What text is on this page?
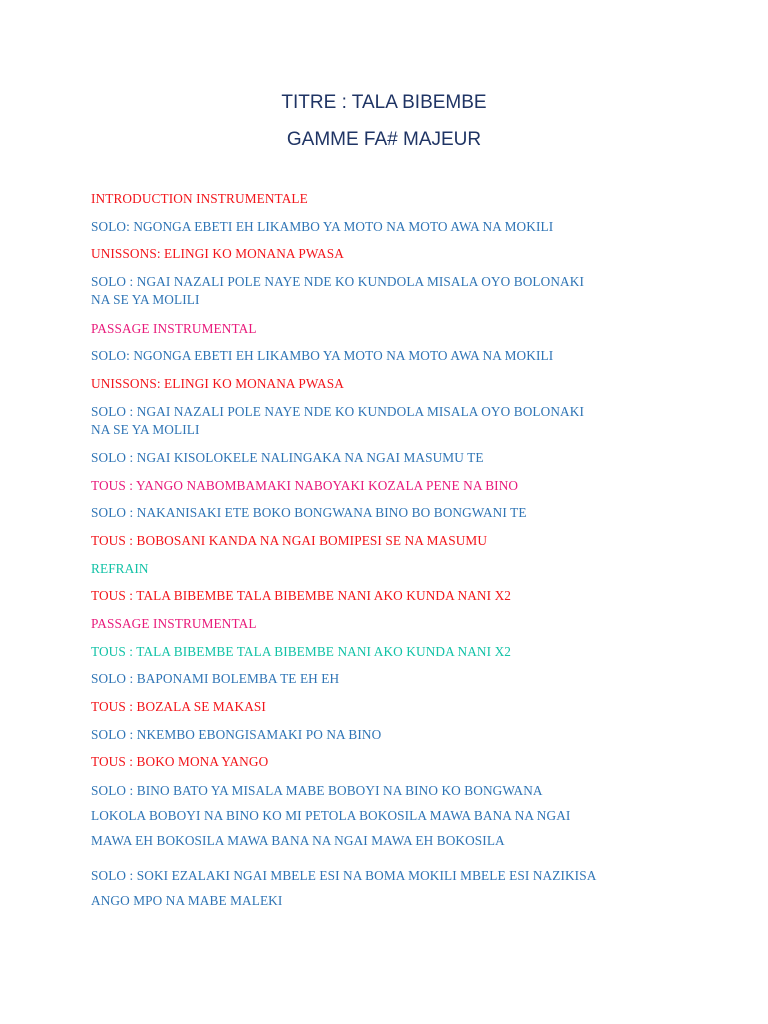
TITRE : TALA BIBEMBE
GAMME FA# MAJEUR

INTRODUCTION INSTRUMENTALE

SOLO: NGONGA EBETI EH LIKAMBO YA MOTO NA MOTO AWA NA MOKILI

UNISSONS: ELINGI KO MONANA PWASA

SOLO : NGAI NAZALI POLE NAYE NDE KO KUNDOLA MISALA OYO BOLONAKI

NA SE YA MOLILI

PASSAGE INSTRUMENTAL

SOLO: NGONGA EBETI EH LIKAMBO YA MOTO NA MOTO AWA NA MOKILI

UNISSONS: ELINGI KO MONANA PWASA

SOLO : NGAI NAZALI POLE NAYE NDE KO KUNDOLA MISALA OYO BOLONAKI

NA SE YA MOLILI

SOLO : NGAI KISOLOKELE NALINGAKA NA NGAI MASUMU TE

TOUS : YANGO NABOMBAMAKI NABOYAKI KOZALA PENE NA BINO

SOLO : NAKANISAKI ETE BOKO BONGWANA BINO BO BONGWANI TE

TOUS : BOBOSANI KANDA NA NGAI BOMIPESI SE NA MASUMU

REFRAIN

TOUS : TALA BIBEMBE TALA BIBEMBE NANI AKO KUNDA NANI X2

PASSAGE INSTRUMENTAL

TOUS : TALA BIBEMBE TALA BIBEMBE NANI AKO KUNDA NANI X2

SOLO : BAPONAMI BOLEMBA TE EH EH

TOUS : BOZALA SE MAKASI

SOLO : NKEMBO EBONGISAMAKI PO NA BINO

TOUS : BOKO MONA YANGO

SOLO : BINO BATO YA MISALA MABE BOBOYI NA BINO KO BONGWANA

LOKOLA BOBOYI NA BINO KO MI PETOLA BOKOSILA MAWA BANA NA NGAI

MAWA EH BOKOSILA MAWA BANA NA NGAI MAWA EH BOKOSILA

SOLO : SOKI EZALAKI NGAI MBELE ESI NA BOMA MOKILI MBELE ESI NAZIKISA

ANGO MPO NA MABE MALEKI
